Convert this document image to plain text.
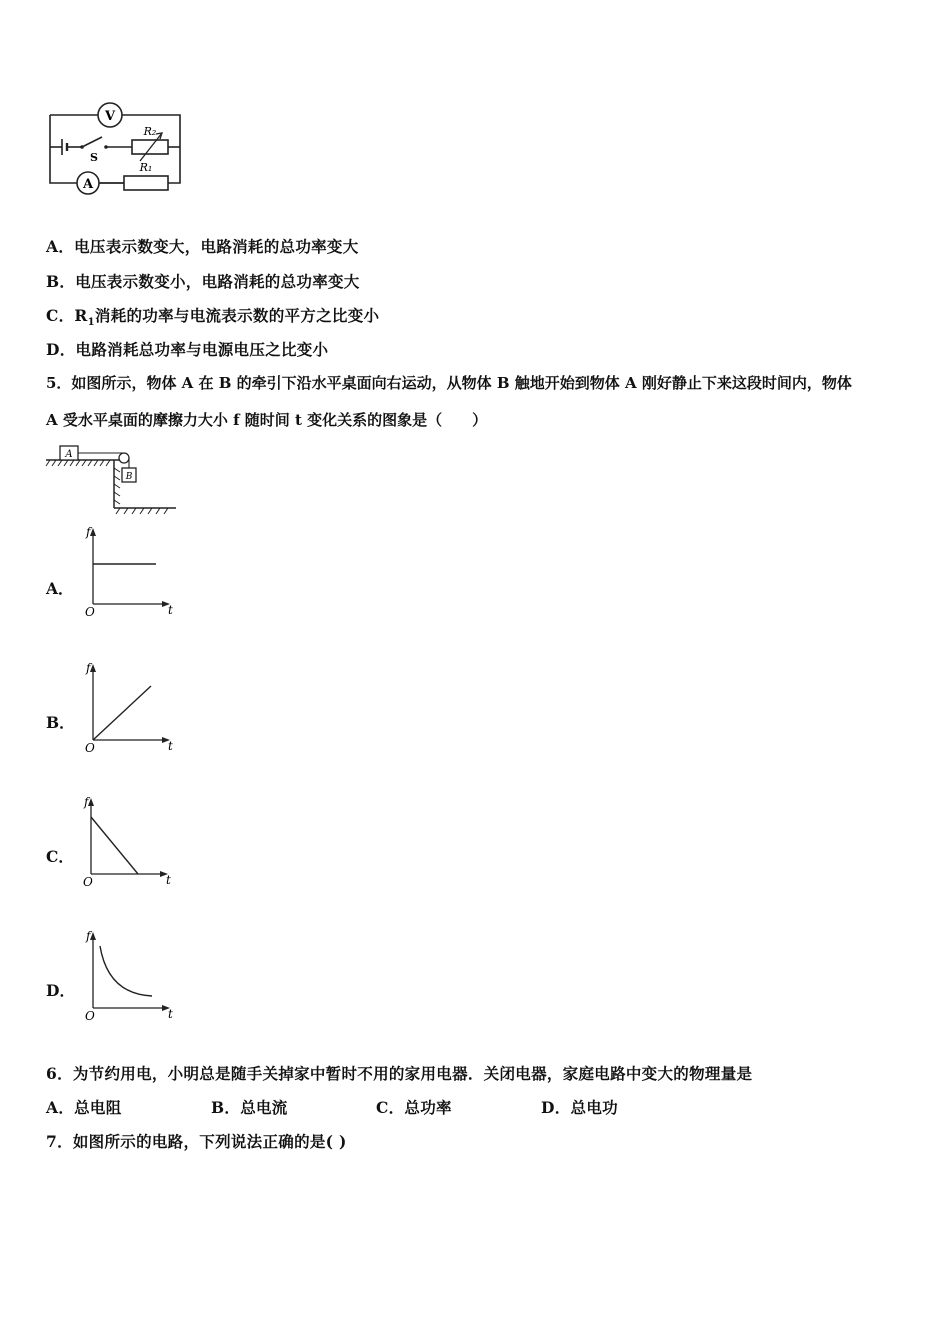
V
S
R₂
A
R₁
A．电压表示数变大，电路消耗的总功率变大
B．电压表示数变小，电路消耗的总功率变大
C．$R_1$消耗的功率与电流表示数的平方之比变小
D．电路消耗总功率与电源电压之比变小
5．如图所示，物体 A 在 B 的牵引下沿水平桌面向右运动，从物体 B 触地开始到物体 A 刚好静止下来这段时间内，物体
A 受水平桌面的摩擦力大小 f 随时间 t 变化关系的图象是（　　）
A
B
A．
f
t
O
B．
f
t
O
C．
f
t
O
D．
f
t
O
6．为节约用电，小明总是随手关掉家中暂时不用的家用电器．关闭电器，家庭电路中变大的物理量是
A．总电阻	B．总电流	C．总功率	D．总电功
7．如图所示的电路，下列说法正确的是( )
